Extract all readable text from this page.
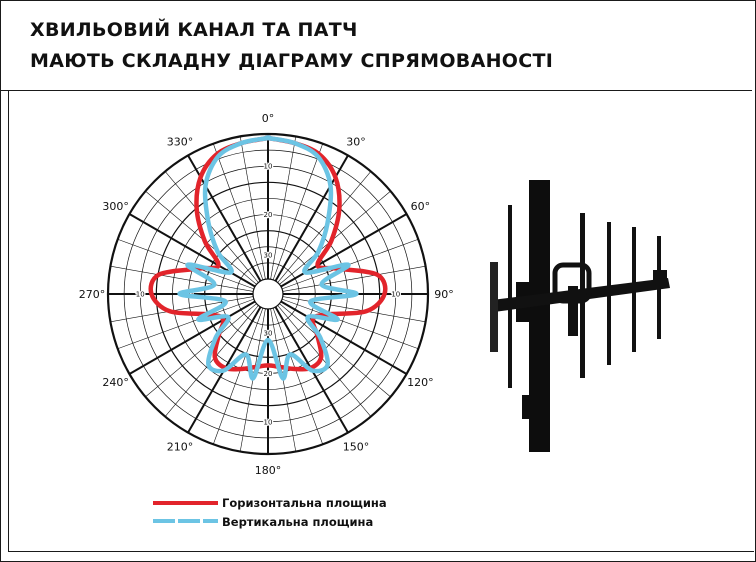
ХВИЛЬОВИЙ КАНАЛ ТА ПАТЧ
МАЮТЬ СКЛАДНУ ДІАГРАМУ СПРЯМОВАНОСТІ
10
20
30
10
20
10
20
30
10	20
0°
30°
60°
90°
120°
150°
180°
210°
240°
270°
300°
330°
Горизонтальна площина
Вертикальна площина
